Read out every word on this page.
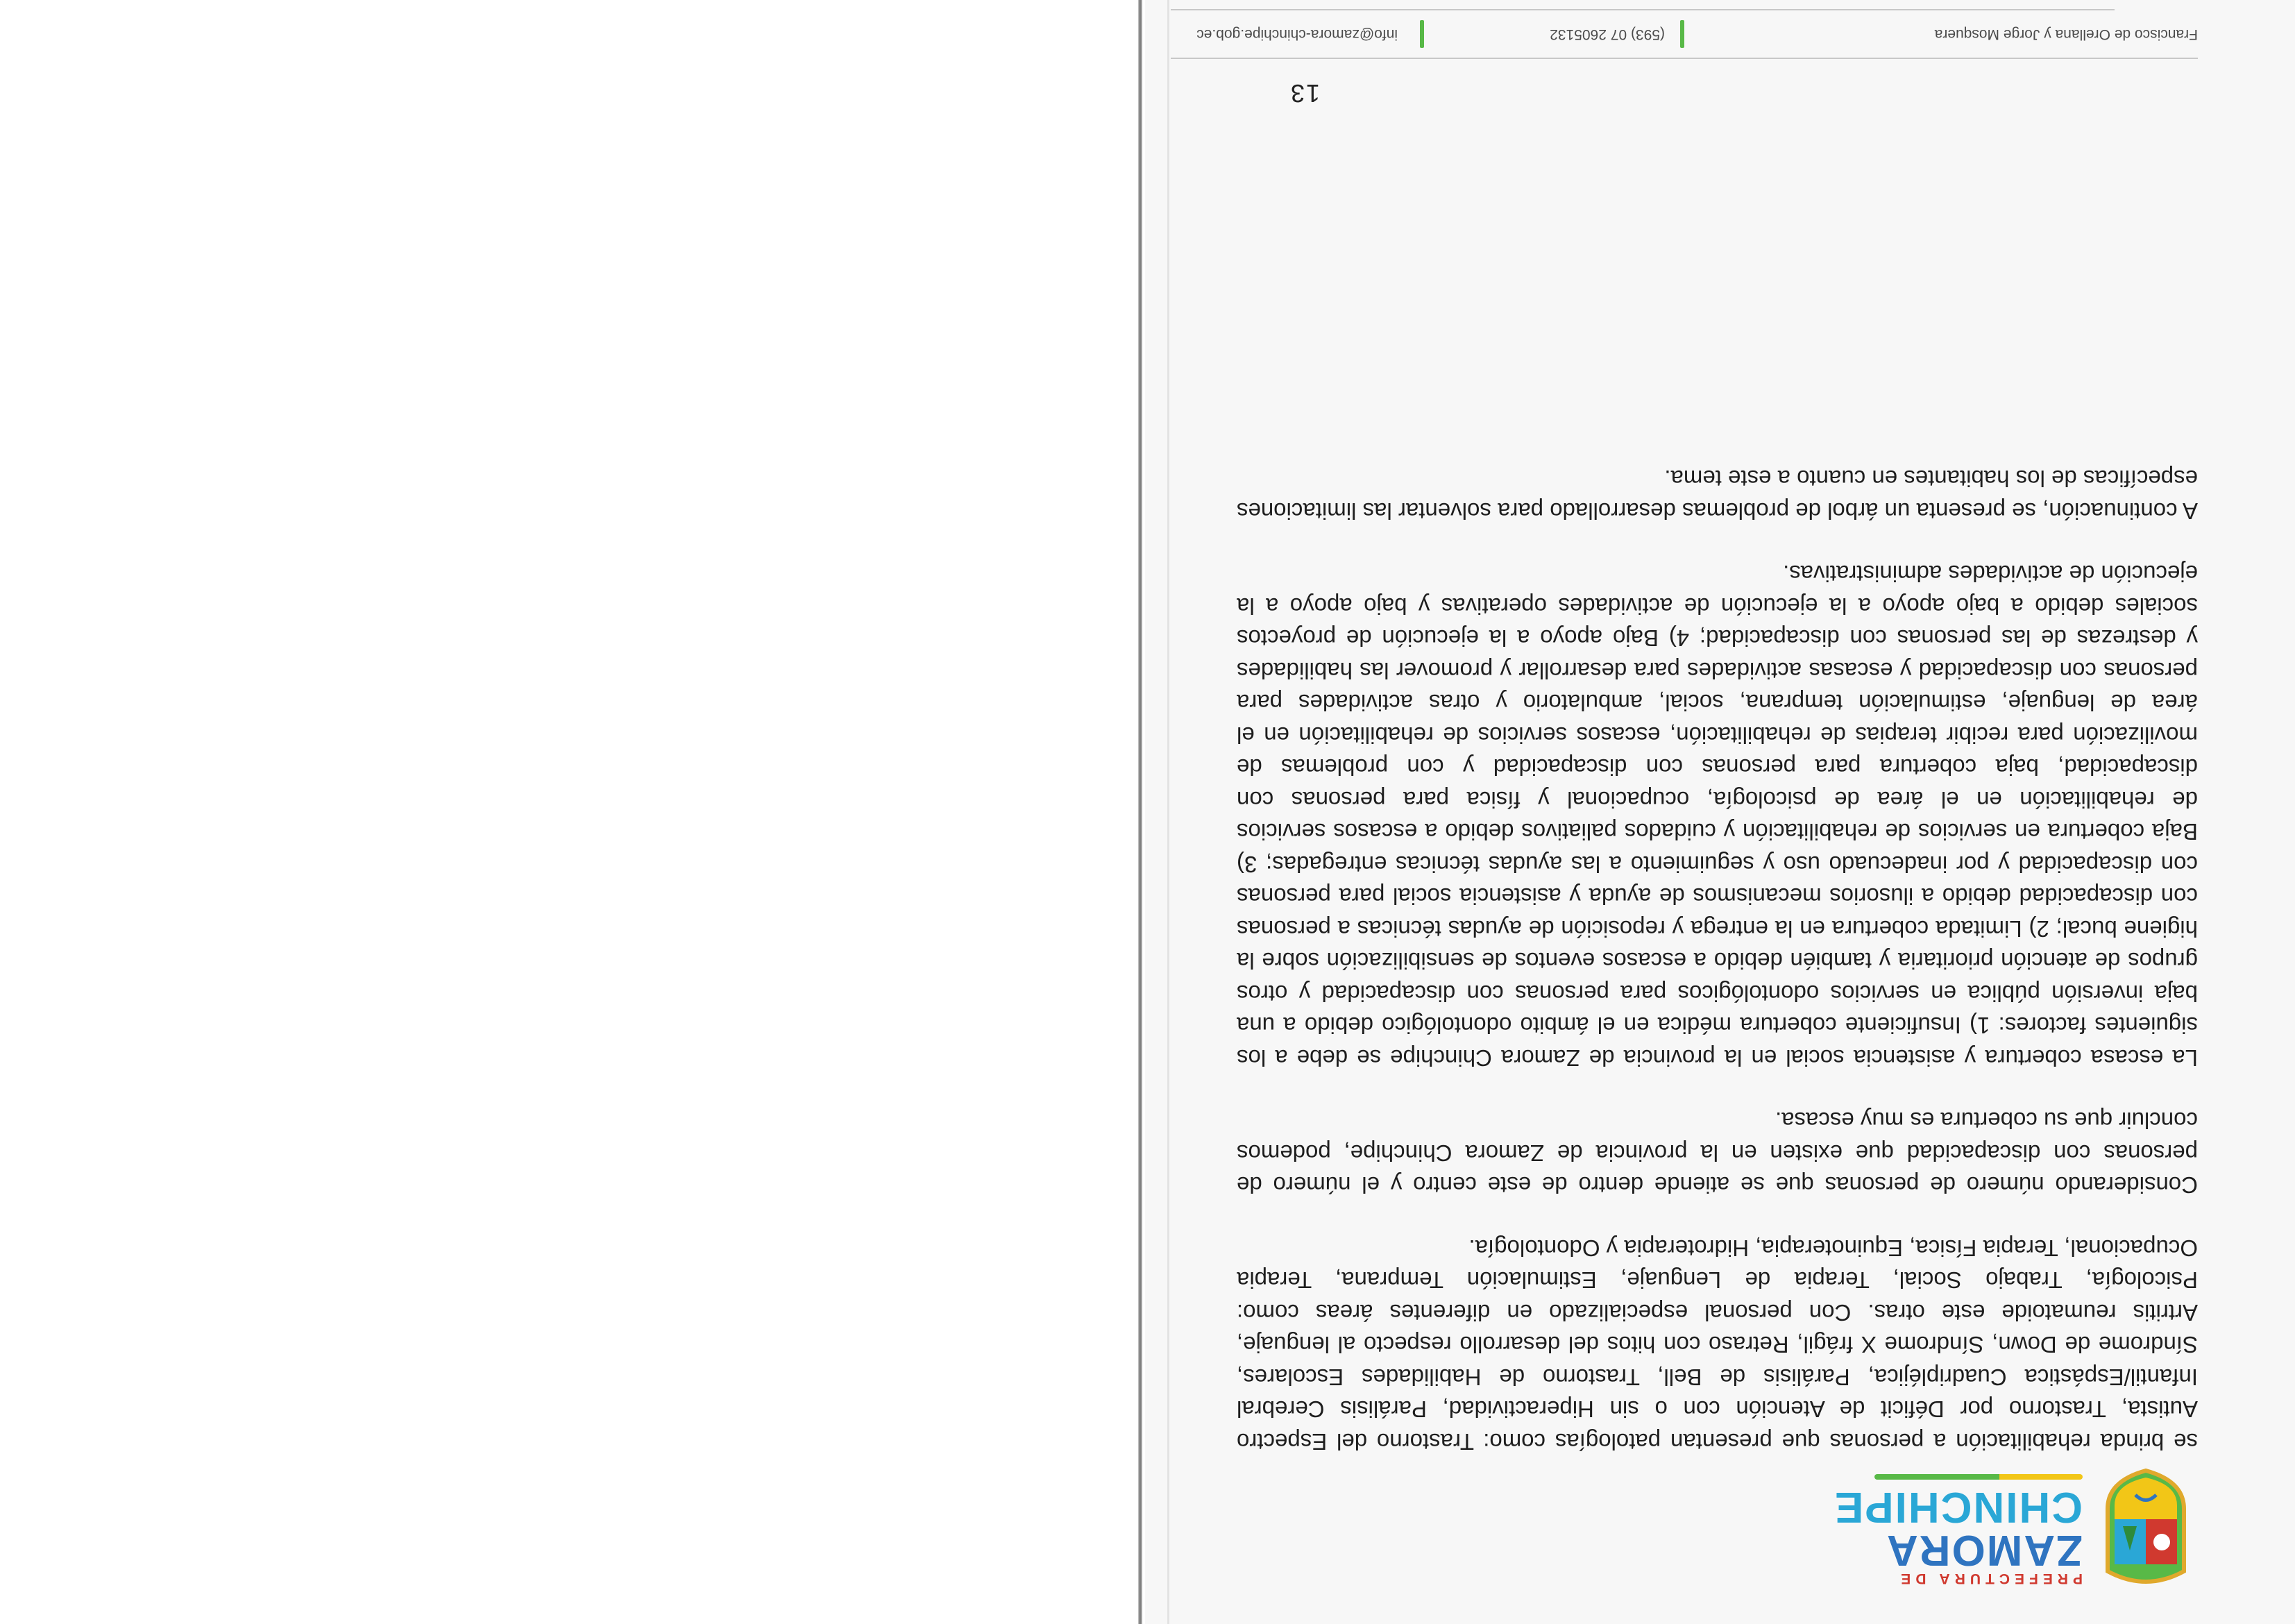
PREFECTURA DE
ZAMORA
CHINCHIPE

se brinda rehabilitación a personas que presentan patologías como: Trastorno del Espectro Autista, Trastorno por Déficit de Atención con o sin Hiperactividad, Parálisis Cerebral Infantil/Espástica Cuadripléjica, Parálisis de Bell, Trastorno de Habilidades Escolares, Síndrome de Down, Síndrome X frágil, Retraso con hitos del desarrollo respecto al lenguaje, Artritis reumatoide este otras. Con personal especializado en diferentes áreas como: Psicología, Trabajo Social, Terapia de Lenguaje, Estimulación Temprana, Terapia Ocupacional, Terapia Física, Equinoterapia, Hidroterapia y Odontología.

Considerando número de personas que se atiende dentro de este centro y el número de personas con discapacidad que existen en la provincia de Zamora Chinchipe, podemos concluir que su cobertura es muy escasa.

La escasa cobertura y asistencia social en la provincia de Zamora Chinchipe se debe a los siguientes factores: 1) Insuficiente cobertura médica en el ámbito odontológico debido a una baja inversión pública en servicios odontológicos para personas con discapacidad y otros grupos de atención prioritaria y también debido a escasos eventos de sensibilización sobre la higiene bucal; 2) Limitada cobertura en la entrega y reposición de ayudas técnicas a personas con discapacidad debido a ilusorios mecanismos de ayuda y asistencia social para personas con discapacidad y por inadecuado uso y seguimiento a las ayudas técnicas entregadas; 3) Baja cobertura en servicios de rehabilitación y cuidados paliativos debido a escasos servicios de rehabilitación en el área de psicología, ocupacional y física para personas con discapacidad, baja cobertura para personas con discapacidad y con problemas de movilización para recibir terapias de rehabilitación, escasos servicios de rehabilitación en el área de lenguaje, estimulación temprana, social, ambulatorio y otras actividades para personas con discapacidad y escasas actividades para desarrollar y promover las habilidades y destrezas de las personas con discapacidad; 4) Bajo apoyo a la ejecución de proyectos sociales debido a bajo apoyo a la ejecución de actividades operativas y bajo apoyo a la ejecución de actividades administrativas.

A continuación, se presenta un árbol de problemas desarrollado para solventar las limitaciones específicas de los habitantes en cuanto a este tema.

13
Francisco de Orellana y Jorge Mosquera
(593) 07 2605132
info@zamora-chinchipe.gob.ec
